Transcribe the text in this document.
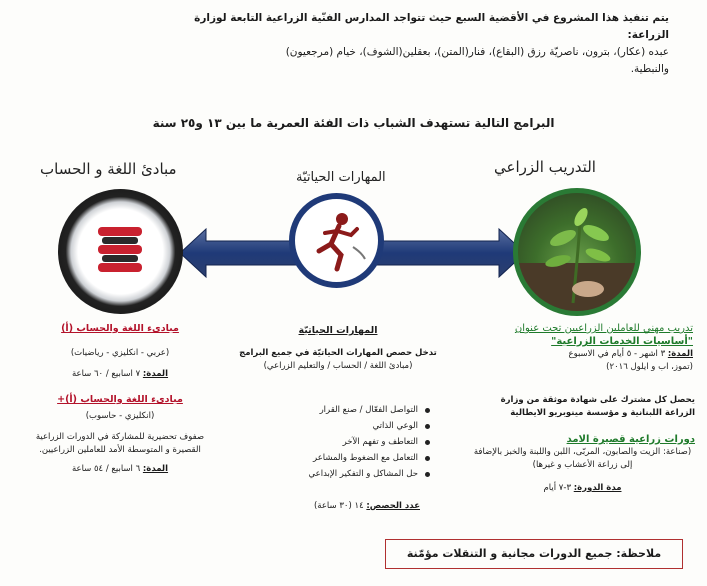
يتم تنفيذ هذا المشروع في الأقضية السبع حيث تتواجد المدارس الفنّية الزراعية التابعة لوزارة

الزراعة:

عبده (عكار)، بترون، ناصريّة رزق (البقاع)، فنار(المتن)، بعقلين(الشوف)، خيام (مرجعيون)

والنبطية.

البرامج التالية تستهدف الشباب ذات الفئة العمرية ما بين ١٣ و٢٥ سنة
التدريب الزراعي
المهارات الحياتيّة
مبادئ اللغة و الحساب
تدريب مهني للعاملين الزراعيين تحت عنوان
"أساسيات الخدمات الزراعية"
المدة: ٣ اشهر - ٥ أيام في الاسبوع
(تموز، اب و ايلول ٢٠١٦)
يحصل كل مشترك على شهادة موثقة من وزارة الزراعة اللبنانية و مؤسسة مينوبريو الايطالية
دورات زراعية قصيرة الامد
(صناعة: الزيت والصابون، المربّى، اللبن واللبنة والخبز بالإضافة إلى زراعة الأعشاب و غيرها)
مدة الدورة: ٣-٧ أيام
المهارات الحياتيّة
تدخل حصص المهارات الحياتيّة في جميع البرامج
(مبادئ اللغة / الحساب / والتعليم الزراعي)
التواصل الفعّال / صنع القرار
الوعي الذاتي
التعاطف و تفهم الآخر
التعامل مع الضغوط والمشاعر
حل المشاكل و التفكير الإبداعي
عدد الحصص: ١٤ (٣٠ ساعة)
مبادىء اللغة والحساب (أ)
(عربي - انكليزي - رياضيات)
المدة: ٧ اسابيع / ٦٠ ساعة
مبادىء اللغة والحساب (أ)+
(انكليزي - حاسوب)
صفوف تحضيرية للمشاركة في الدورات الزراعية القصيرة و المتوسطة الأمد للعاملين الزراعيين.
المدة: ٦ اسابيع / ٥٤ ساعة
ملاحظة: جميع الدورات مجانية و التنقلات مؤمّنة
